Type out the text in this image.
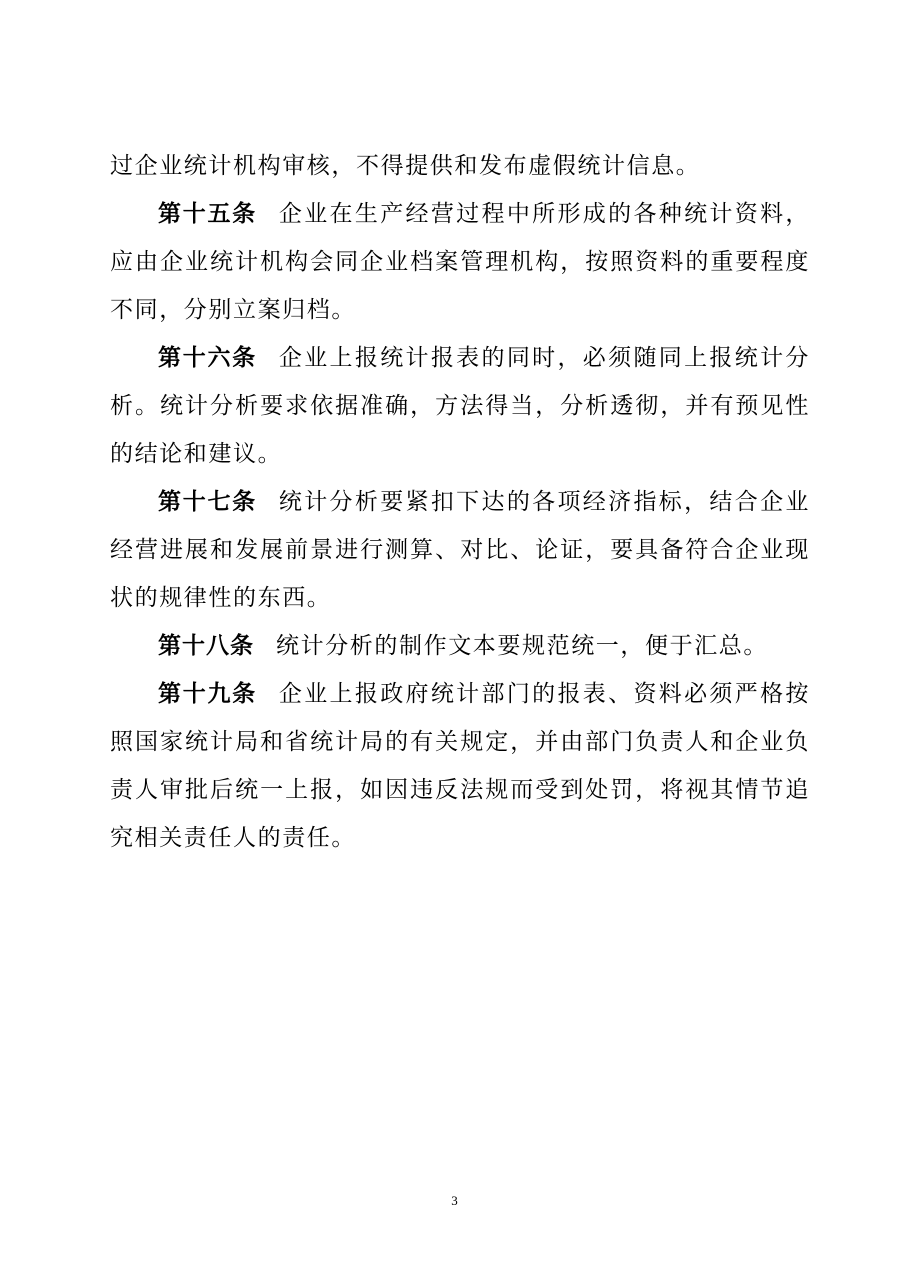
过企业统计机构审核，不得提供和发布虚假统计信息。

第十五条 企业在生产经营过程中所形成的各种统计资料，应由企业统计机构会同企业档案管理机构，按照资料的重要程度不同，分别立案归档。

第十六条 企业上报统计报表的同时，必须随同上报统计分析。统计分析要求依据准确，方法得当，分析透彻，并有预见性的结论和建议。

第十七条 统计分析要紧扣下达的各项经济指标，结合企业经营进展和发展前景进行测算、对比、论证，要具备符合企业现状的规律性的东西。

第十八条 统计分析的制作文本要规范统一，便于汇总。

第十九条 企业上报政府统计部门的报表、资料必须严格按照国家统计局和省统计局的有关规定，并由部门负责人和企业负责人审批后统一上报，如因违反法规而受到处罚，将视其情节追究相关责任人的责任。

3
